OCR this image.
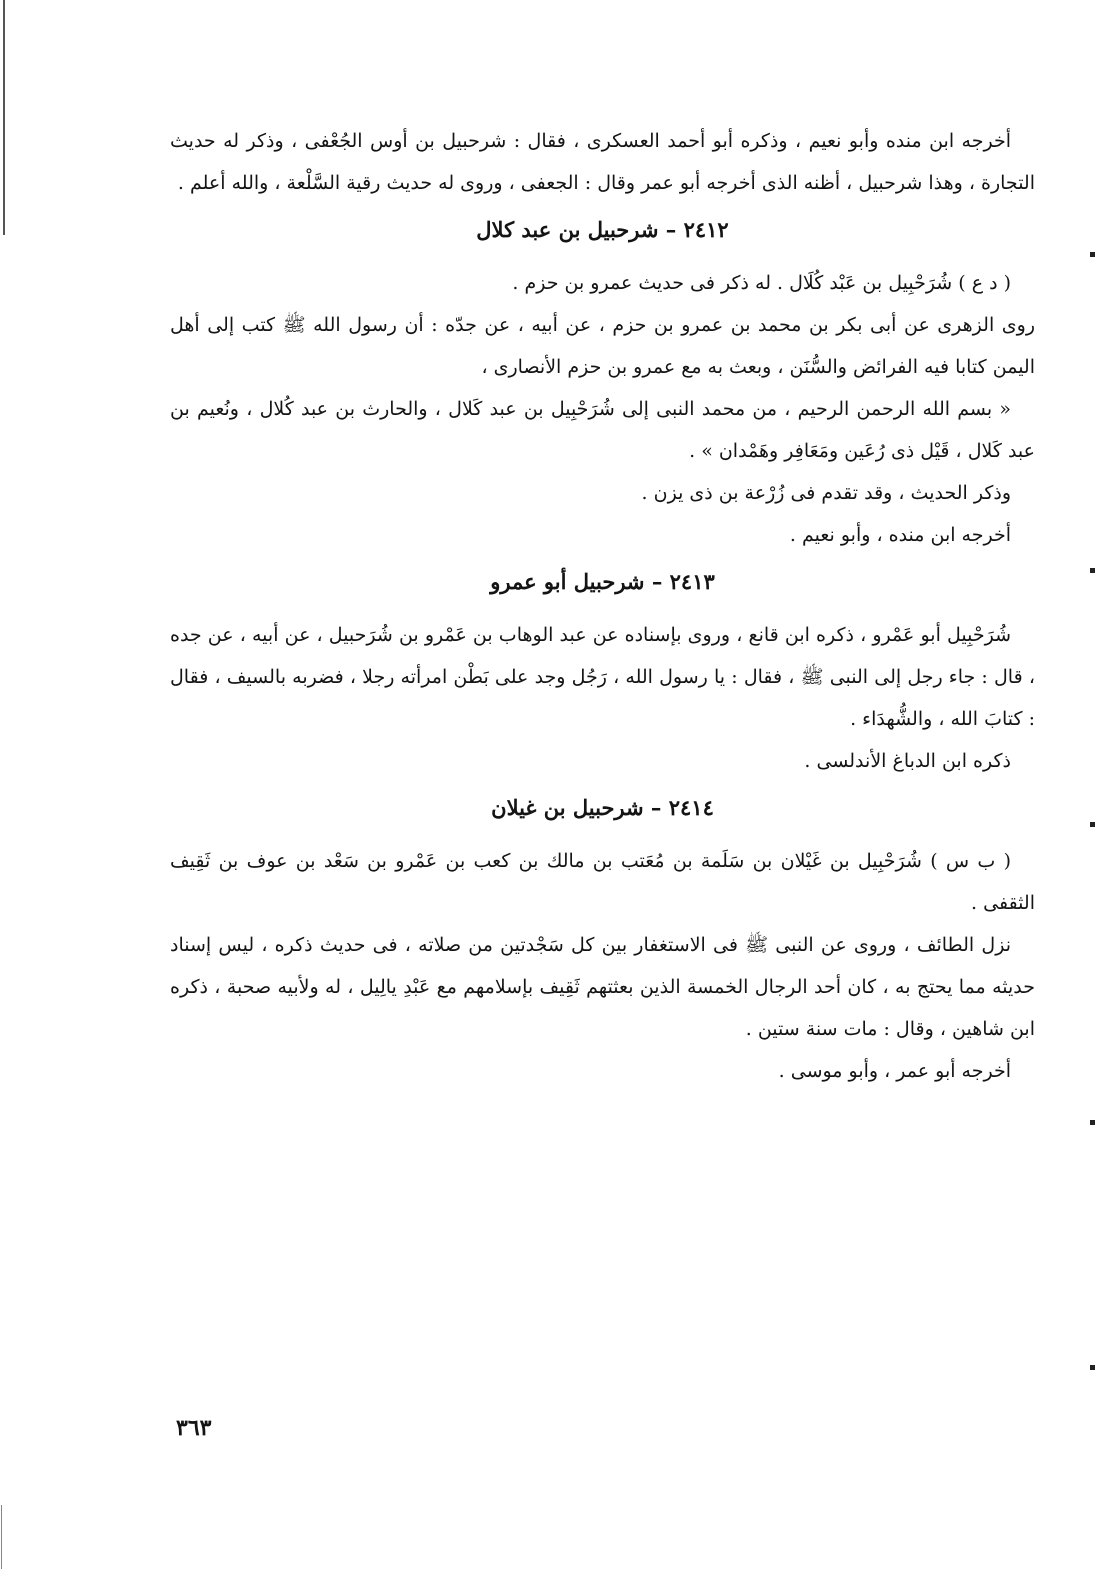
أخرجه ابن منده وأبو نعيم ، وذكره أبو أحمد العسكرى ، فقال : شرحبيل بن أوس الجُعْفى ، وذكر له حديث التجارة ، وهذا شرحبيل ، أظنه الذى أخرجه أبو عمر وقال : الجعفى ، وروى له حديث رقية السَّلْعة ، والله أعلم .

٢٤١٢ – شرحبيل بن عبد كلال

( د ع ) شُرَحْبِيل بن عَبْد كُلَال . له ذكر فى حديث عمرو بن حزم .

روى الزهرى عن أبى بكر بن محمد بن عمرو بن حزم ، عن أبيه ، عن جدّه : أن رسول الله ﷺ كتب إلى أهل اليمن كتابا فيه الفرائض والسُّنَن ، وبعث به مع عمرو بن حزم الأنصارى ،

« بسم الله الرحمن الرحيم ، من محمد النبى إلى شُرَحْبِيل بن عبد كَلال ، والحارث بن عبد كُلال ، ونُعيم بن عبد كَلال ، قَيْل ذى رُعَين ومَعَافِر وهَمْدان » .

وذكر الحديث ، وقد تقدم فى زُرْعة بن ذى يزن .

أخرجه ابن منده ، وأبو نعيم .

٢٤١٣ – شرحبيل أبو عمرو

شُرَحْبِيل أبو عَمْرو ، ذكره ابن قانع ، وروى بإسناده عن عبد الوهاب بن عَمْرو بن شُرَحبيل ، عن أبيه ، عن جده ، قال : جاء رجل إلى النبى ﷺ ، فقال : يا رسول الله ، رَجُل وجد على بَطْن امرأته رجلا ، فضربه بالسيف ، فقال : كتابَ الله ، والشُّهدَاء .

ذكره ابن الدباغ الأندلسى .

٢٤١٤ – شرحبيل بن غيلان

( ب س ) شُرَحْبِيل بن غَيْلان بن سَلَمة بن مُعَتب بن مالك بن كعب بن عَمْرو بن سَعْد بن عوف بن ثَقِيف الثقفى .

نزل الطائف ، وروى عن النبى ﷺ فى الاستغفار بين كل سَجْدتين من صلاته ، فى حديث ذكره ، ليس إسناد حديثه مما يحتج به ، كان أحد الرجال الخمسة الذين بعثتهم ثَقِيف بإسلامهم مع عَبْدِ يالِيل ، له ولأبيه صحبة ، ذكره ابن شاهين ، وقال : مات سنة ستين .

أخرجه أبو عمر ، وأبو موسى .

٣٦٣
